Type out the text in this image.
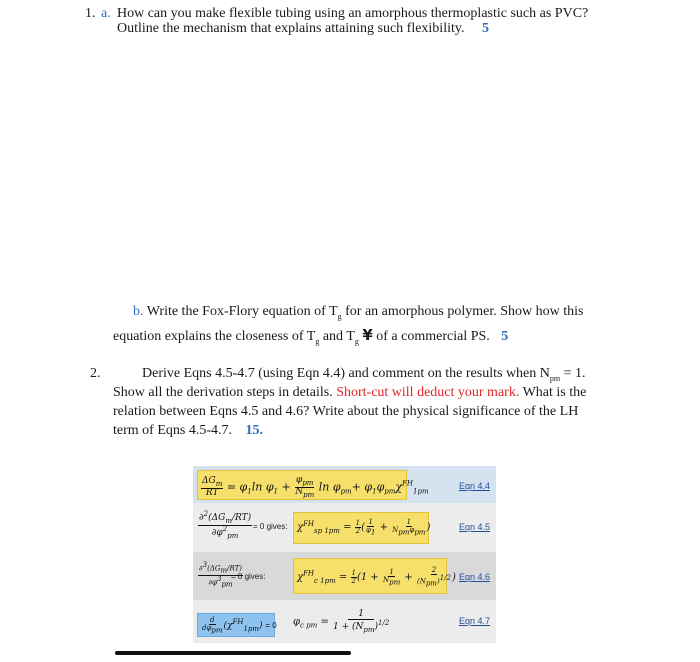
1. a. How can you make flexible tubing using an amorphous thermoplastic such as PVC?
Outline the mechanism that explains attaining such flexibility. 5
b. Write the Fox-Flory equation of $T_g$ for an amorphous polymer. Show how this
equation explains the closeness of $T_g$ and $T_g$ ¥ of a commercial PS. 5
2.	Derive Eqns 4.5-4.7 (using Eqn 4.4) and comment on the results when $N_{pm} = 1$.
Show all the derivation steps in details. Short-cut will deduct your mark. What is the
relation between Eqns 4.5 and 4.6? Write about the physical significance of the LH
term of Eqns 4.5-4.7. 15.
$\frac{\Delta G_m}{RT} = \varphi_1\ln$ $\varphi_1 + \frac{\varphi_{pm}}{N_{pm}}$ $\ln \varphi_{pm}+ \varphi_1\varphi_{pm}\chi^{FH}_{1pm}$
Eqn 4.4
$\frac{\partial^2(\Delta G_m/RT)}{\partial\varphi^2_{pm}} = 0$ gives: $\chi^{FH}_{sp 1pm} = \frac{1}{2}$ ( $\frac{1}{\varphi_1} + \frac{1}{N_{pm}\varphi_{pm}}$ )	Eqn 4.5
$\frac{\partial^3(\Delta G_m/RT)}{\partial\varphi^3_{pm}}$
= 0 gives:	$\chi^{FH}_{c 1pm} = \frac{1}{2} (1 + \frac{1}{N_{pm}} + \frac{2}{(N_{pm})^{1/2}}$ ) Eqn 4.6
$\frac{d}{d\varphi_{pm}} (\chi^{FH}_{1pm}) = 0$ $\varphi_{c pm} = \frac{1}{1 + (N_{pm})^{1/2}}$	Eqn 4.7
